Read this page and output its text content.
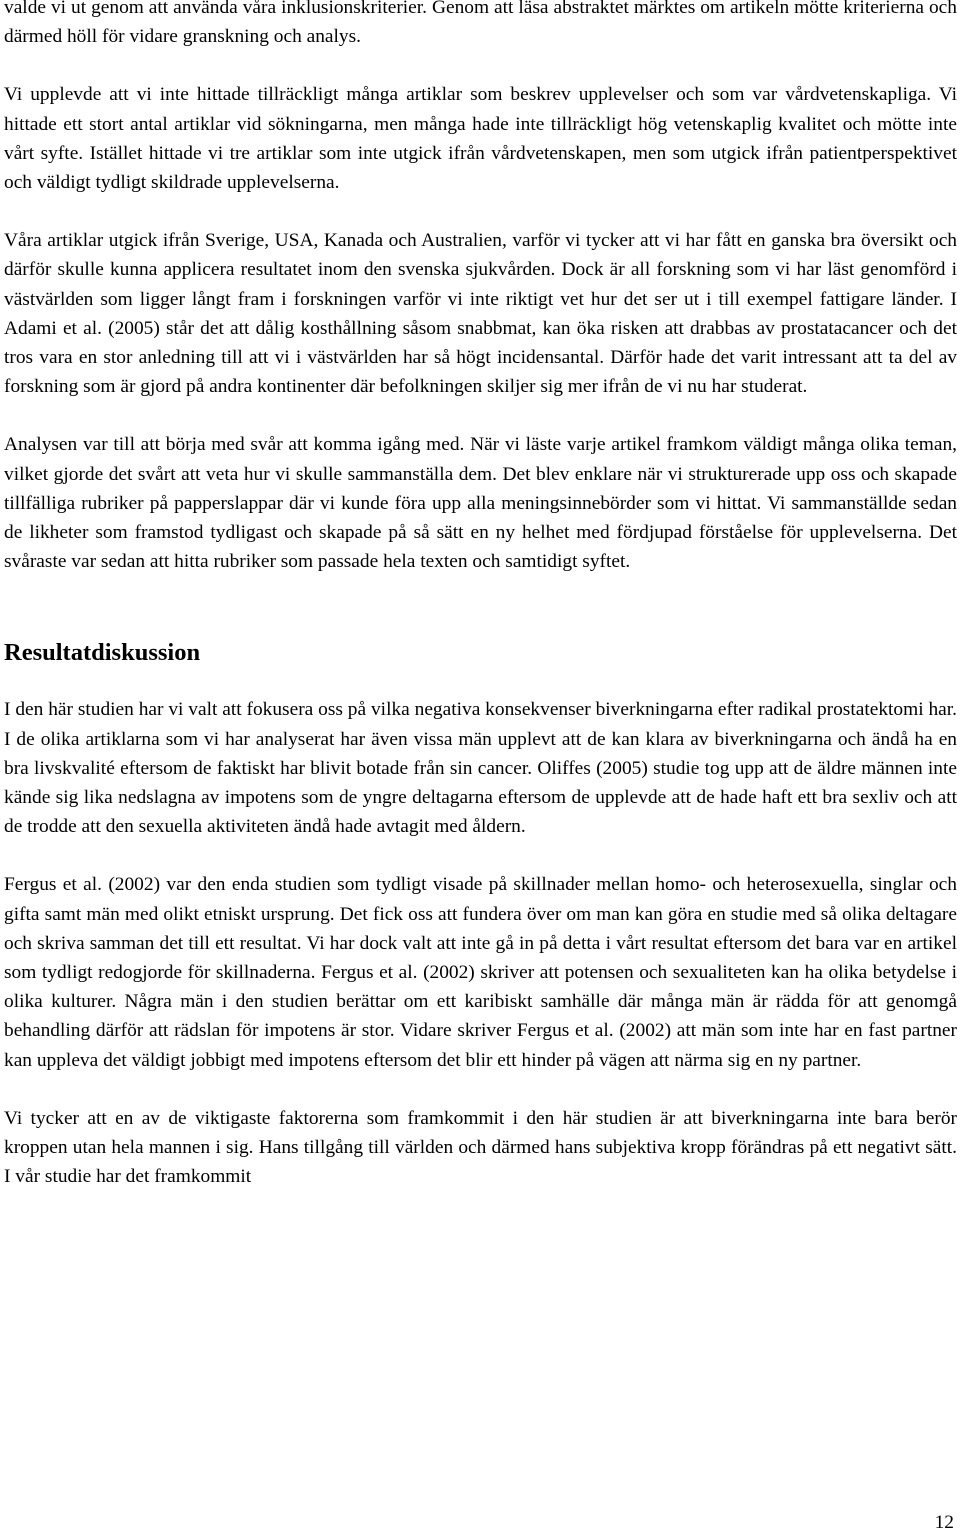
valde vi ut genom att använda våra inklusionskriterier. Genom att läsa abstraktet märktes om artikeln mötte kriterierna och därmed höll för vidare granskning och analys.

Vi upplevde att vi inte hittade tillräckligt många artiklar som beskrev upplevelser och som var vårdvetenskapliga. Vi hittade ett stort antal artiklar vid sökningarna, men många hade inte tillräckligt hög vetenskaplig kvalitet och mötte inte vårt syfte. Istället hittade vi tre artiklar som inte utgick ifrån vårdvetenskapen, men som utgick ifrån patientperspektivet och väldigt tydligt skildrade upplevelserna.

Våra artiklar utgick ifrån Sverige, USA, Kanada och Australien, varför vi tycker att vi har fått en ganska bra översikt och därför skulle kunna applicera resultatet inom den svenska sjukvården. Dock är all forskning som vi har läst genomförd i västvärlden som ligger långt fram i forskningen varför vi inte riktigt vet hur det ser ut i till exempel fattigare länder. I Adami et al. (2005) står det att dålig kosthållning såsom snabbmat, kan öka risken att drabbas av prostatacancer och det tros vara en stor anledning till att vi i västvärlden har så högt incidensantal. Därför hade det varit intressant att ta del av forskning som är gjord på andra kontinenter där befolkningen skiljer sig mer ifrån de vi nu har studerat.

Analysen var till att börja med svår att komma igång med. När vi läste varje artikel framkom väldigt många olika teman, vilket gjorde det svårt att veta hur vi skulle sammanställa dem. Det blev enklare när vi strukturerade upp oss och skapade tillfälliga rubriker på papperslappar där vi kunde föra upp alla meningsinnebörder som vi hittat. Vi sammanställde sedan de likheter som framstod tydligast och skapade på så sätt en ny helhet med fördjupad förståelse för upplevelserna. Det svåraste var sedan att hitta rubriker som passade hela texten och samtidigt syftet.

Resultatdiskussion

I den här studien har vi valt att fokusera oss på vilka negativa konsekvenser biverkningarna efter radikal prostatektomi har. I de olika artiklarna som vi har analyserat har även vissa män upplevt att de kan klara av biverkningarna och ändå ha en bra livskvalité eftersom de faktiskt har blivit botade från sin cancer. Oliffes (2005) studie tog upp att de äldre männen inte kände sig lika nedslagna av impotens som de yngre deltagarna eftersom de upplevde att de hade haft ett bra sexliv och att de trodde att den sexuella aktiviteten ändå hade avtagit med åldern.

Fergus et al. (2002) var den enda studien som tydligt visade på skillnader mellan homo- och heterosexuella, singlar och gifta samt män med olikt etniskt ursprung. Det fick oss att fundera över om man kan göra en studie med så olika deltagare och skriva samman det till ett resultat. Vi har dock valt att inte gå in på detta i vårt resultat eftersom det bara var en artikel som tydligt redogjorde för skillnaderna. Fergus et al. (2002) skriver att potensen och sexualiteten kan ha olika betydelse i olika kulturer. Några män i den studien berättar om ett karibiskt samhälle där många män är rädda för att genomgå behandling därför att rädslan för impotens är stor. Vidare skriver Fergus et al. (2002) att män som inte har en fast partner kan uppleva det väldigt jobbigt med impotens eftersom det blir ett hinder på vägen att närma sig en ny partner.

Vi tycker att en av de viktigaste faktorerna som framkommit i den här studien är att biverkningarna inte bara berör kroppen utan hela mannen i sig. Hans tillgång till världen och därmed hans subjektiva kropp förändras på ett negativt sätt. I vår studie har det framkommit

12
